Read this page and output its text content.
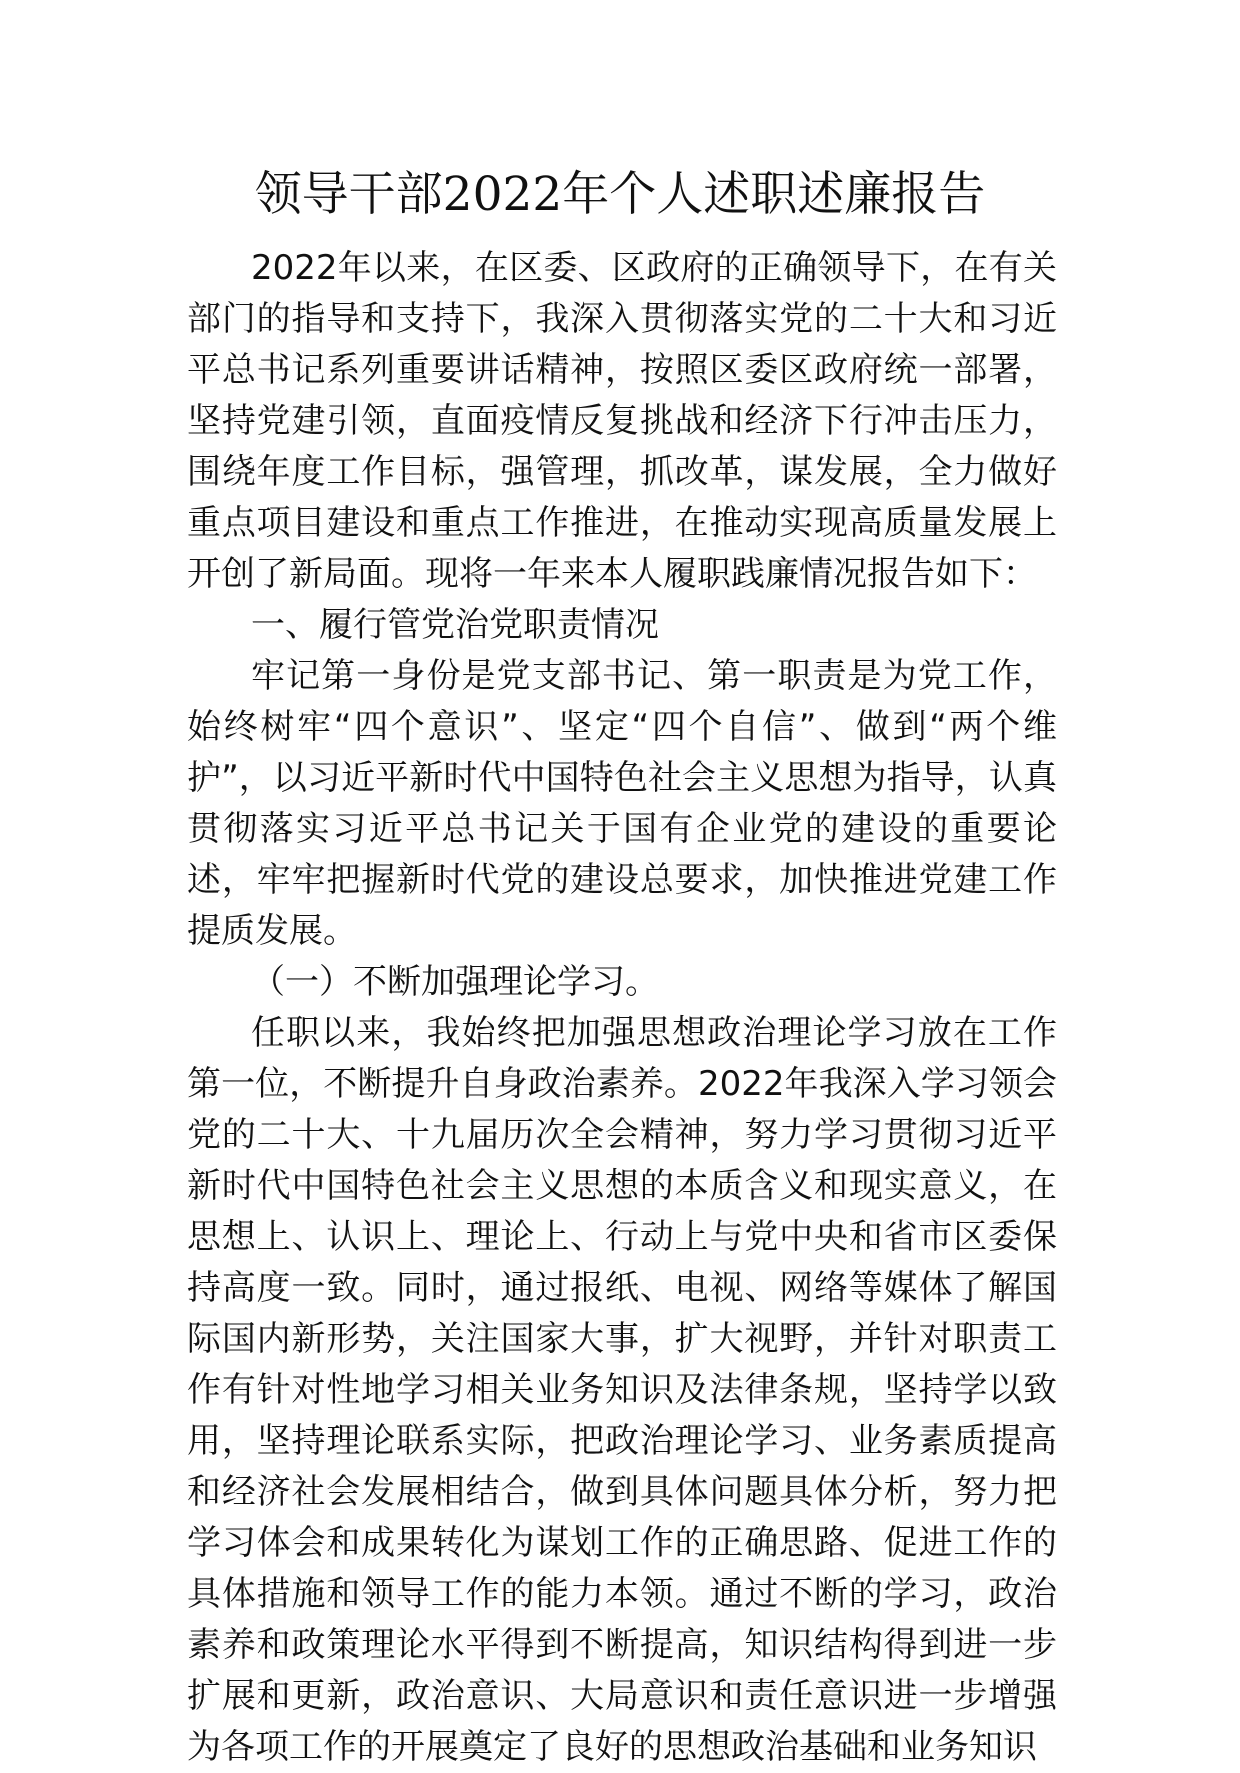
领导干部2022年个人述职述廉报告

2022年以来，在区委、区政府的正确领导下，在有关部门的指导和支持下，我深入贯彻落实党的二十大和习近平总书记系列重要讲话精神，按照区委区政府统一部署，坚持党建引领，直面疫情反复挑战和经济下行冲击压力，围绕年度工作目标，强管理，抓改革，谋发展，全力做好重点项目建设和重点工作推进，在推动实现高质量发展上开创了新局面。现将一年来本人履职践廉情况报告如下：

一、履行管党治党职责情况

牢记第一身份是党支部书记、第一职责是为党工作，始终树牢“四个意识”、坚定“四个自信”、做到“两个维护”，以习近平新时代中国特色社会主义思想为指导，认真贯彻落实习近平总书记关于国有企业党的建设的重要论述，牢牢把握新时代党的建设总要求，加快推进党建工作提质发展。

（一）不断加强理论学习。

任职以来，我始终把加强思想政治理论学习放在工作第一位，不断提升自身政治素养。2022年我深入学习领会党的二十大、十九届历次全会精神，努力学习贯彻习近平新时代中国特色社会主义思想的本质含义和现实意义，在思想上、认识上、理论上、行动上与党中央和省市区委保持高度一致。同时，通过报纸、电视、网络等媒体了解国际国内新形势，关注国家大事，扩大视野，并针对职责工作有针对性地学习相关业务知识及法律条规，坚持学以致用，坚持理论联系实际，把政治理论学习、业务素质提高和经济社会发展相结合，做到具体问题具体分析，努力把学习体会和成果转化为谋划工作的正确思路、促进工作的具体措施和领导工作的能力本领。通过不断的学习，政治素养和政策理论水平得到不断提高，知识结构得到进一步扩展和更新，政治意识、大局意识和责任意识进一步增强为各项工作的开展奠定了良好的思想政治基础和业务知识
